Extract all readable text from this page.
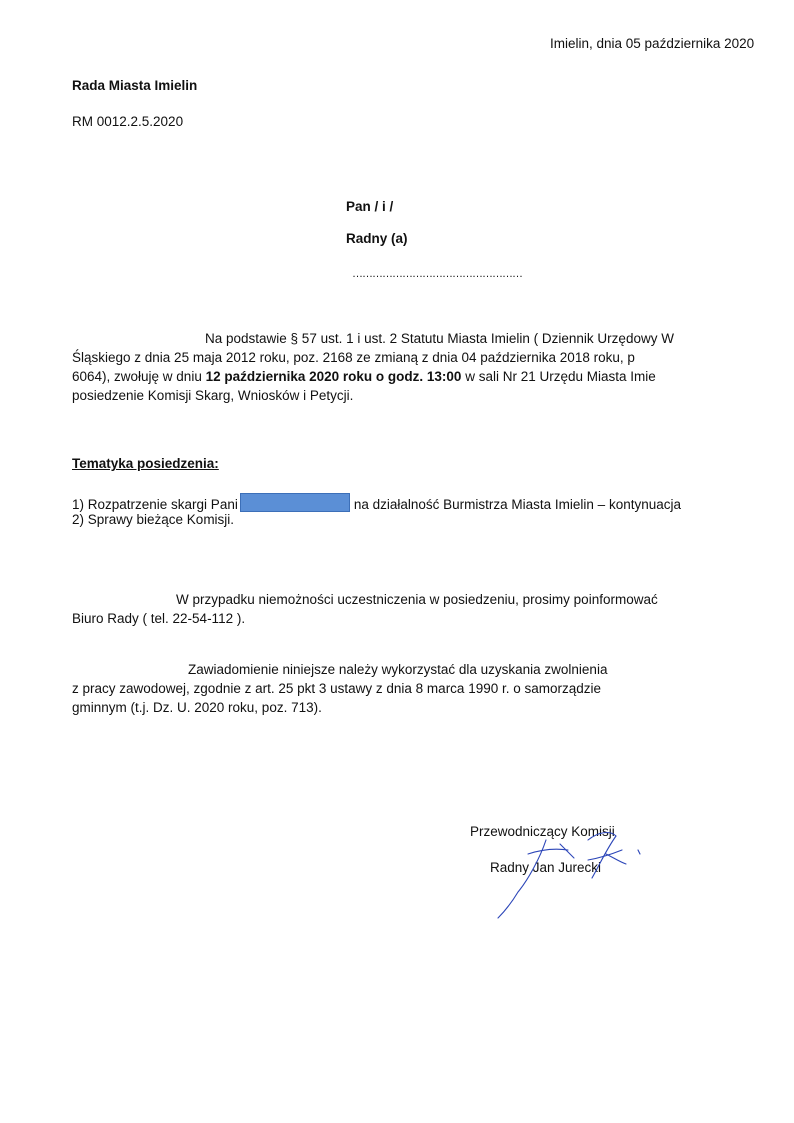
Imielin, dnia 05 października 2020
Rada Miasta Imielin
RM 0012.2.5.2020
Pan / i /
Radny (a)
……………………………………………
Na podstawie § 57 ust. 1 i ust. 2 Statutu Miasta Imielin ( Dziennik Urzędowy W
Śląskiego z dnia 25 maja 2012 roku, poz. 2168 ze zmianą z dnia 04 października 2018 roku, p
6064), zwołuję w dniu 12 października 2020 roku o godz. 13:00 w sali Nr 21 Urzędu Miasta Imie
posiedzenie Komisji Skarg, Wniosków i Petycji.
Tematyka posiedzenia:
1) Rozpatrzenie skargi Pani	na działalność Burmistrza Miasta Imielin – kontynuacja
2) Sprawy bieżące Komisji.
W przypadku niemożności uczestniczenia w posiedzeniu, prosimy poinformować
Biuro Rady ( tel. 22-54-112 ).
Zawiadomienie niniejsze należy wykorzystać dla uzyskania zwolnienia
z pracy zawodowej, zgodnie z art. 25 pkt 3 ustawy z dnia 8 marca 1990 r. o samorządzie
gminnym (t.j. Dz. U. 2020 roku, poz. 713).
Przewodniczący Komisji
Radny Jan Jurecki
